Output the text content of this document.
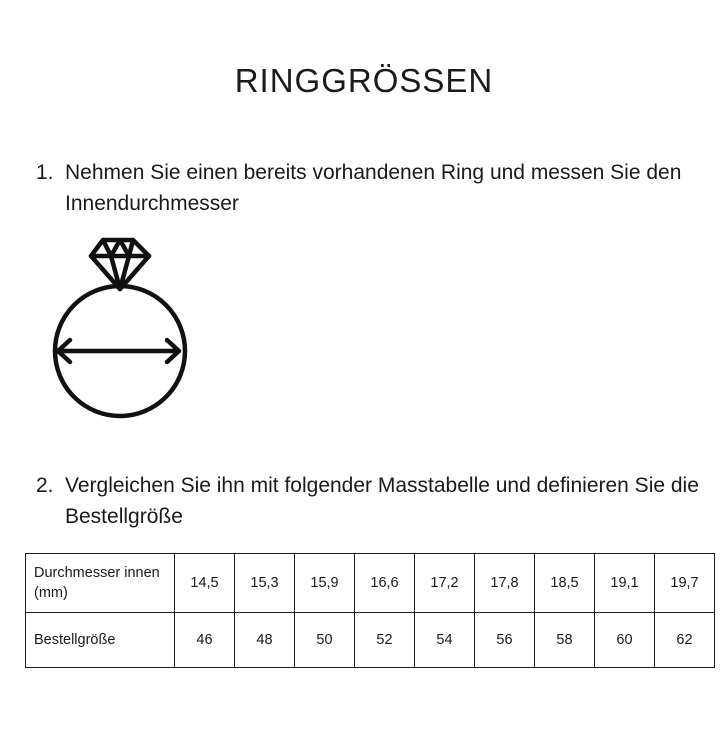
RINGGRÖSSEN

1. Nehmen Sie einen bereits vorhandenen Ring und messen Sie den Innendurchmesser

2. Vergleichen Sie ihn mit folgender Masstabelle und definieren Sie die Bestellgröße

Durchmesser innen (mm)	14,5	15,3	15,9	16,6	17,2	17,8	18,5	19,1	19,7
Bestellgröße	46	48	50	52	54	56	58	60	62
